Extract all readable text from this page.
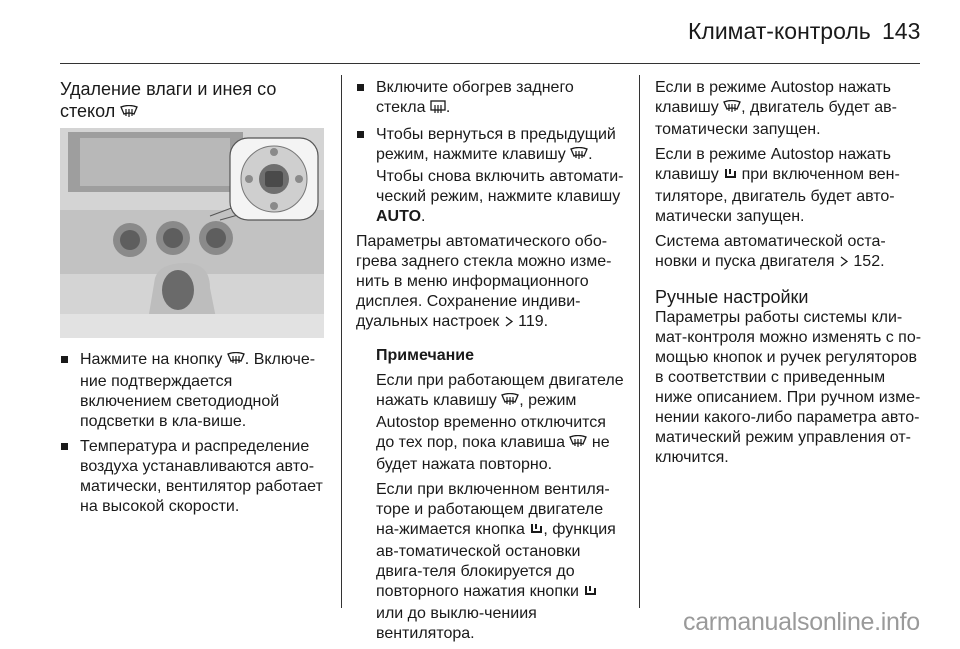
Климат-контроль 143
Удаление влаги и инея со стекол

Нажмите на кнопку . Включе-ние подтверждается включением светодиодной подсветки в кла-више.

Температура и распределение воздуха устанавливаются авто-матически, вентилятор работает на высокой скорости.

Включите обогрев заднего стекла .

Чтобы вернуться в предыдущий режим, нажмите клавишу . Чтобы снова включить автомати-ческий режим, нажмите клавишу AUTO.

Параметры автоматического обо-грева заднего стекла можно изме-нить в меню информационного дисплея. Сохранение индиви-дуальных настроек  119.

Примечание

Если при работающем двигателе нажать клавишу , режим Autostop временно отключится до тех пор, пока клавиша  не будет нажата повторно.

Если при включенном вентиля-торе и работающем двигателе на-жимается кнопка , функция ав-томатической остановки двига-теля блокируется до повторного нажатия кнопки  или до выклю-чениия вентилятора.

Если в режиме Autostop нажать клавишу , двигатель будет ав-томатически запущен.

Если в режиме Autostop нажать клавишу  при включенном вен-тиляторе, двигатель будет авто-матически запущен.

Система автоматической оста-новки и пуска двигателя  152.

Ручные настройки

Параметры работы системы кли-мат-контроля можно изменять с по-мощью кнопок и ручек регуляторов в соответствии с приведенным ниже описанием. При ручном изме-нении какого-либо параметра авто-матический режим управления от-ключится.

carmanualsonline.info
